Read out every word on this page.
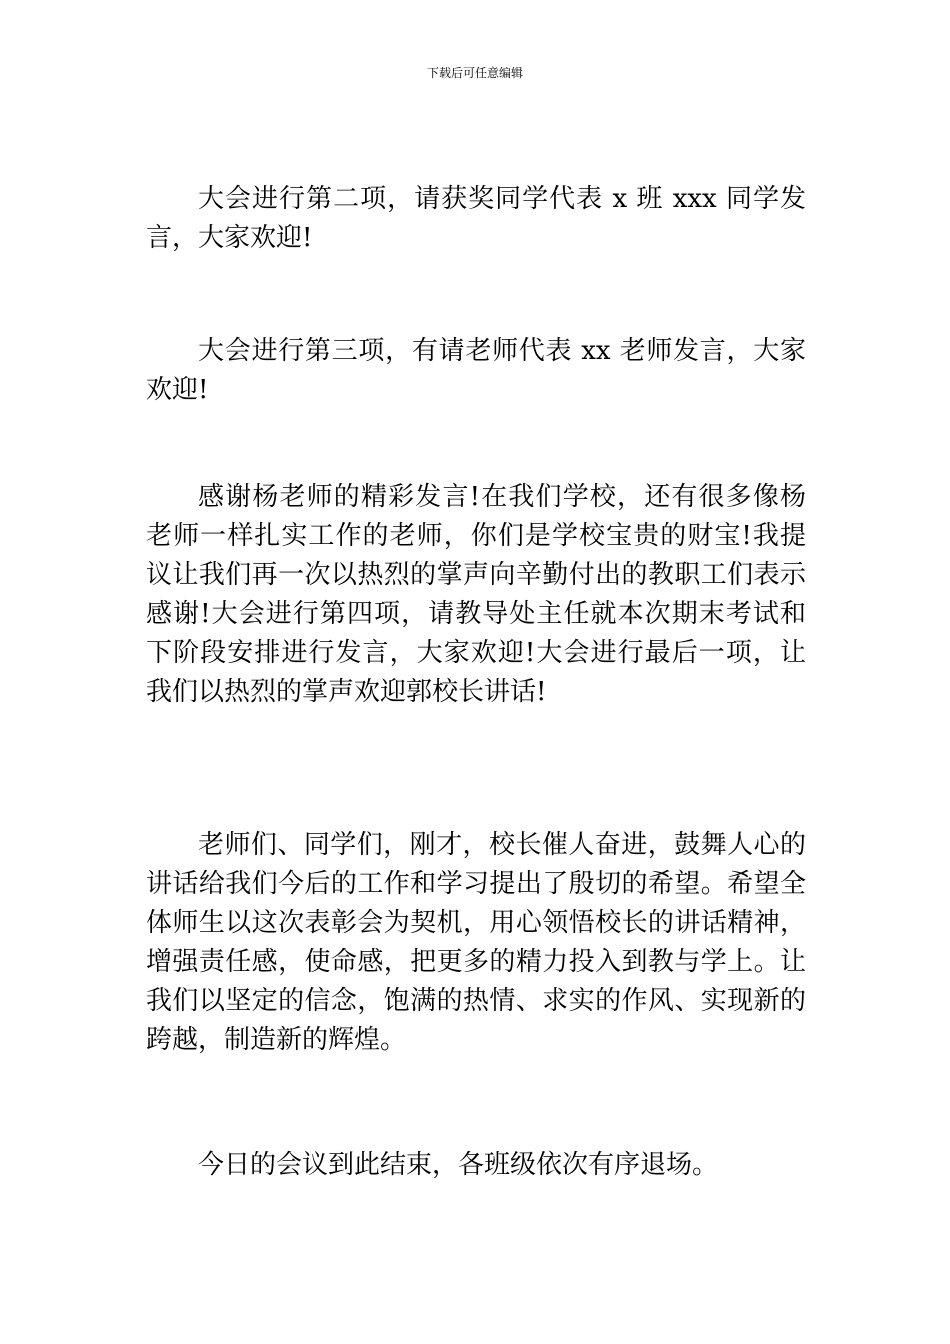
下载后可任意编辑

大会进行第二项，请获奖同学代表 x 班 xxx 同学发言，大家欢迎!

大会进行第三项，有请老师代表 xx 老师发言，大家欢迎!

感谢杨老师的精彩发言!在我们学校，还有很多像杨老师一样扎实工作的老师，你们是学校宝贵的财宝!我提议让我们再一次以热烈的掌声向辛勤付出的教职工们表示感谢!大会进行第四项，请教导处主任就本次期末考试和下阶段安排进行发言，大家欢迎!大会进行最后一项，让我们以热烈的掌声欢迎郭校长讲话!

老师们、同学们，刚才，校长催人奋进，鼓舞人心的讲话给我们今后的工作和学习提出了殷切的希望。希望全体师生以这次表彰会为契机，用心领悟校长的讲话精神，增强责任感，使命感，把更多的精力投入到教与学上。让我们以坚定的信念，饱满的热情、求实的作风、实现新的跨越，制造新的辉煌。

今日的会议到此结束，各班级依次有序退场。
